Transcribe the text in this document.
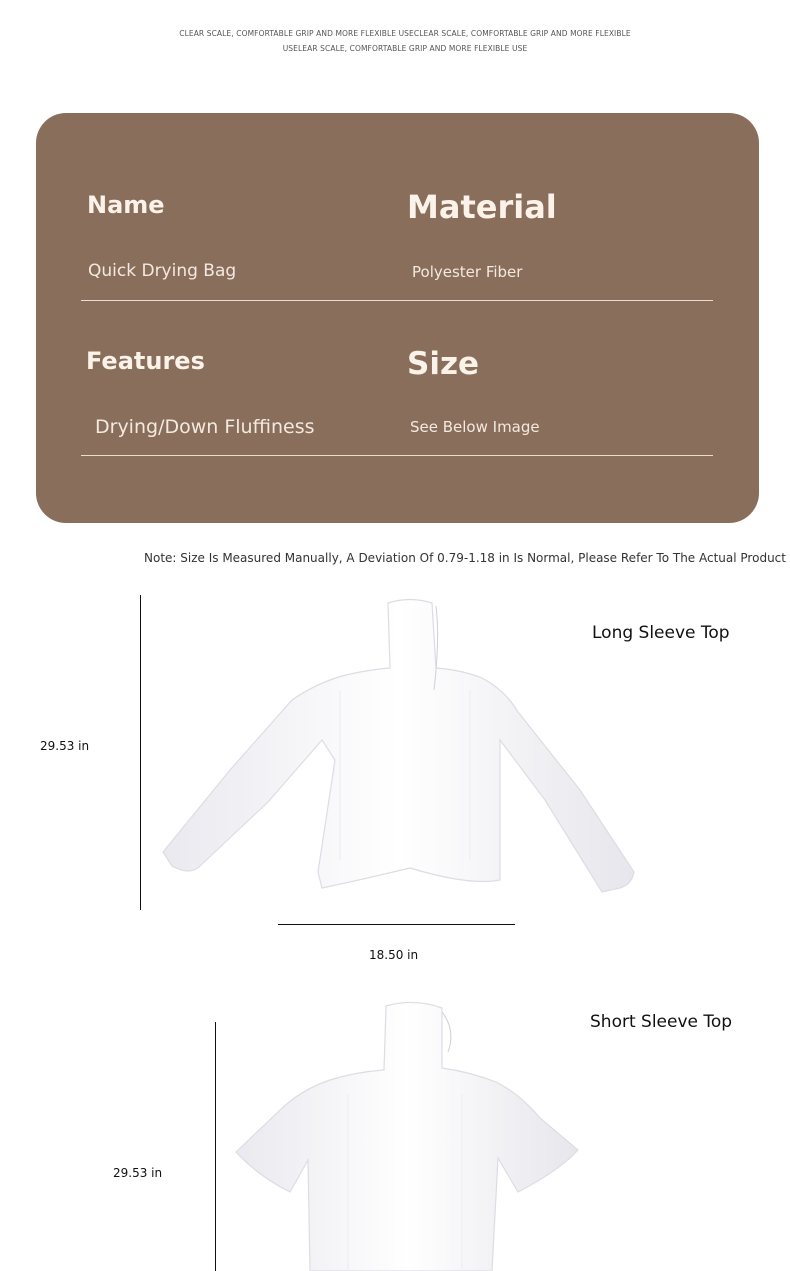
CLEAR SCALE, COMFORTABLE GRIP AND MORE FLEXIBLE USECLEAR SCALE, COMFORTABLE GRIP AND MORE FLEXIBLE USELEAR SCALE, COMFORTABLE GRIP AND MORE FLEXIBLE USE
Name
Quick Drying Bag
Material
Polyester Fiber
Features
Drying/Down Fluffiness
Size
See Below Image
Note: Size Is Measured Manually, A Deviation Of 0.79-1.18 in Is Normal, Please Refer To The Actual Product
Long Sleeve Top
29.53 in
18.50 in
Short Sleeve Top
29.53 in
